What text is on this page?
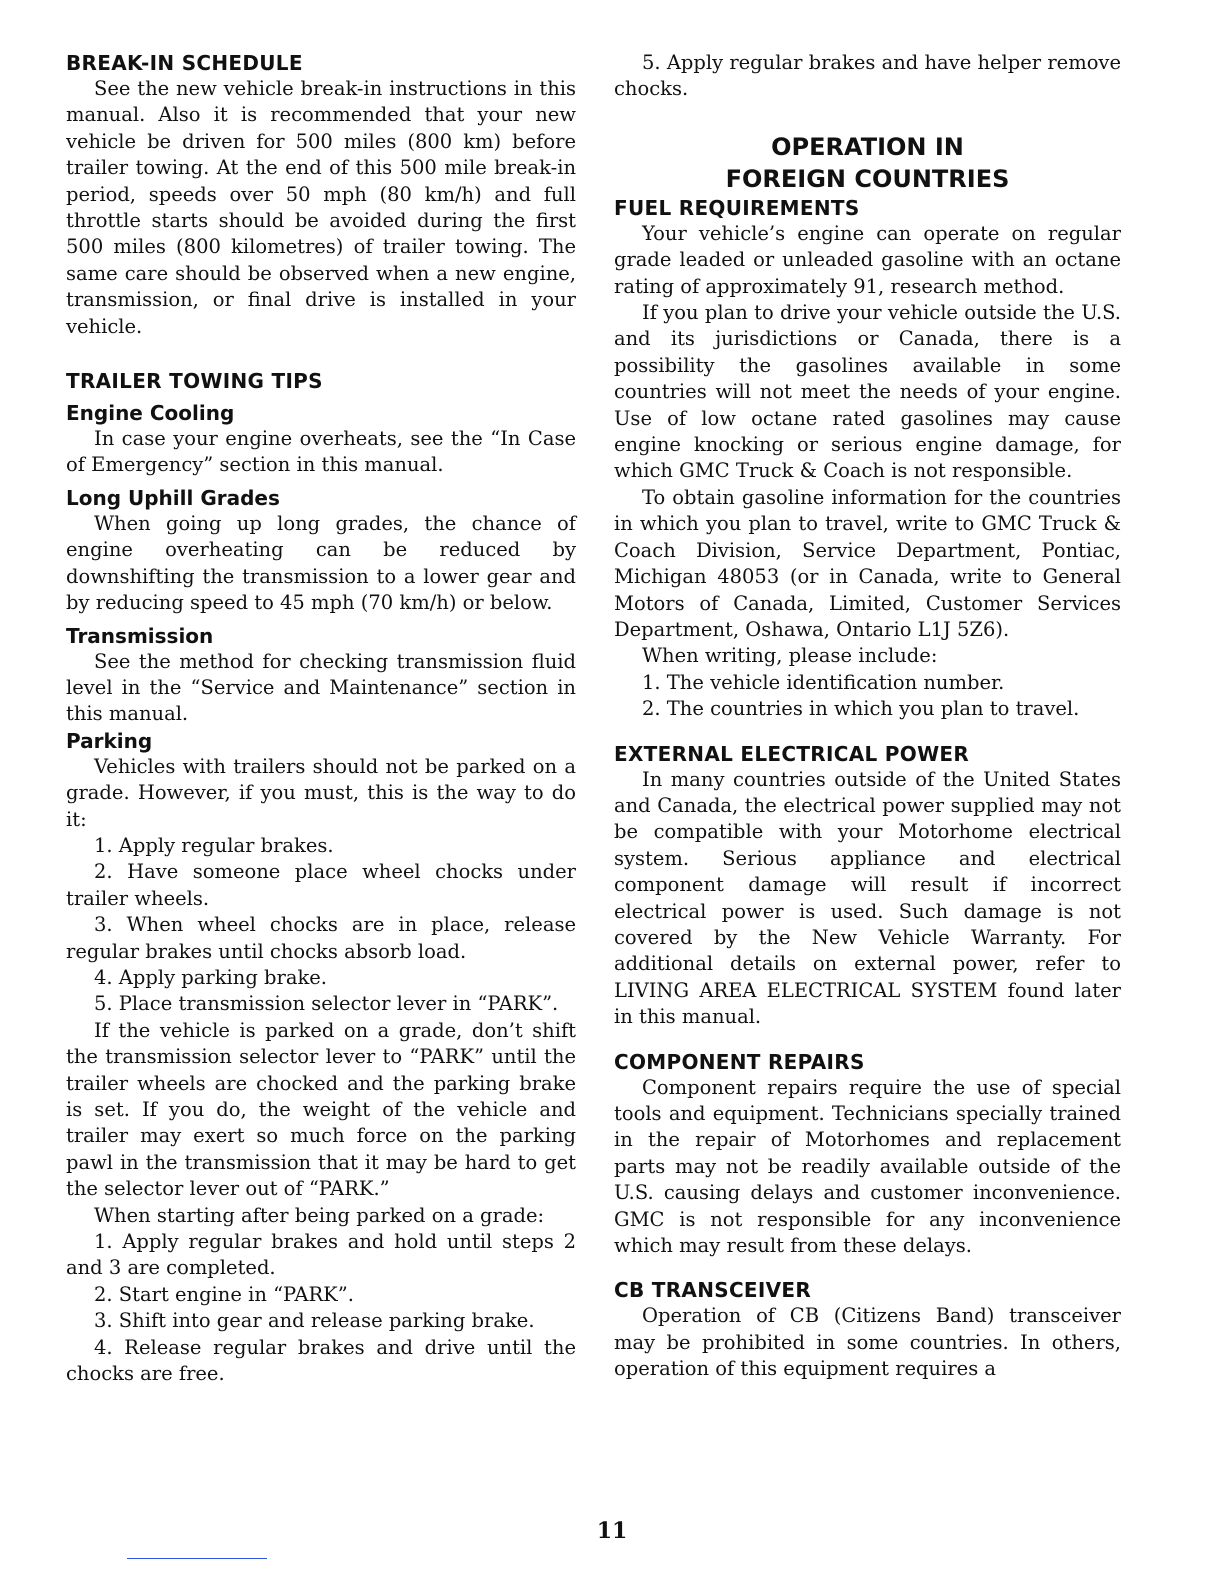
BREAK-IN SCHEDULE

See the new vehicle break-in instructions in this manual. Also it is recommended that your new vehicle be driven for 500 miles (800 km) before trailer towing. At the end of this 500 mile break-in period, speeds over 50 mph (80 km/h) and full throttle starts should be avoided during the first 500 miles (800 kilometres) of trailer towing. The same care should be observed when a new engine, transmission, or final drive is installed in your vehicle.

TRAILER TOWING TIPS
Engine Cooling

In case your engine overheats, see the “In Case of Emergency” section in this manual.

Long Uphill Grades

When going up long grades, the chance of engine overheating can be reduced by downshifting the transmission to a lower gear and by reducing speed to 45 mph (70 km/h) or below.

Transmission

See the method for checking transmission fluid level in the “Service and Maintenance” section in this manual.

Parking

Vehicles with trailers should not be parked on a grade. However, if you must, this is the way to do it:

1. Apply regular brakes.

2. Have someone place wheel chocks under trailer wheels.

3. When wheel chocks are in place, release regular brakes until chocks absorb load.

4. Apply parking brake.

5. Place transmission selector lever in “PARK”.

If the vehicle is parked on a grade, don’t shift the transmission selector lever to “PARK” until the trailer wheels are chocked and the parking brake is set. If you do, the weight of the vehicle and trailer may exert so much force on the parking pawl in the transmission that it may be hard to get the selector lever out of “PARK.”

When starting after being parked on a grade:

1. Apply regular brakes and hold until steps 2 and 3 are completed.

2. Start engine in “PARK”.

3. Shift into gear and release parking brake.

4. Release regular brakes and drive until the chocks are free.

5. Apply regular brakes and have helper remove chocks.

OPERATION IN
FOREIGN COUNTRIES
FUEL REQUIREMENTS

Your vehicle’s engine can operate on regular grade leaded or unleaded gasoline with an octane rating of approximately 91, research method.

If you plan to drive your vehicle outside the U.S. and its jurisdictions or Canada, there is a possibility the gasolines available in some countries will not meet the needs of your engine. Use of low octane rated gasolines may cause engine knocking or serious engine damage, for which GMC Truck & Coach is not responsible.

To obtain gasoline information for the countries in which you plan to travel, write to GMC Truck & Coach Division, Service Department, Pontiac, Michigan 48053 (or in Canada, write to General Motors of Canada, Limited, Customer Services Department, Oshawa, Ontario L1J 5Z6).

When writing, please include:

1. The vehicle identification number.

2. The countries in which you plan to travel.

EXTERNAL ELECTRICAL POWER

In many countries outside of the United States and Canada, the electrical power supplied may not be compatible with your Motorhome electrical system. Serious appliance and electrical component damage will result if incorrect electrical power is used. Such damage is not covered by the New Vehicle Warranty. For additional details on external power, refer to LIVING AREA ELECTRICAL SYSTEM found later in this manual.

COMPONENT REPAIRS

Component repairs require the use of special tools and equipment. Technicians specially trained in the repair of Motorhomes and replacement parts may not be readily available outside of the U.S. causing delays and customer inconvenience. GMC is not responsible for any inconvenience which may result from these delays.

CB TRANSCEIVER

Operation of CB (Citizens Band) transceiver may be prohibited in some countries. In others, operation of this equipment requires a

11
